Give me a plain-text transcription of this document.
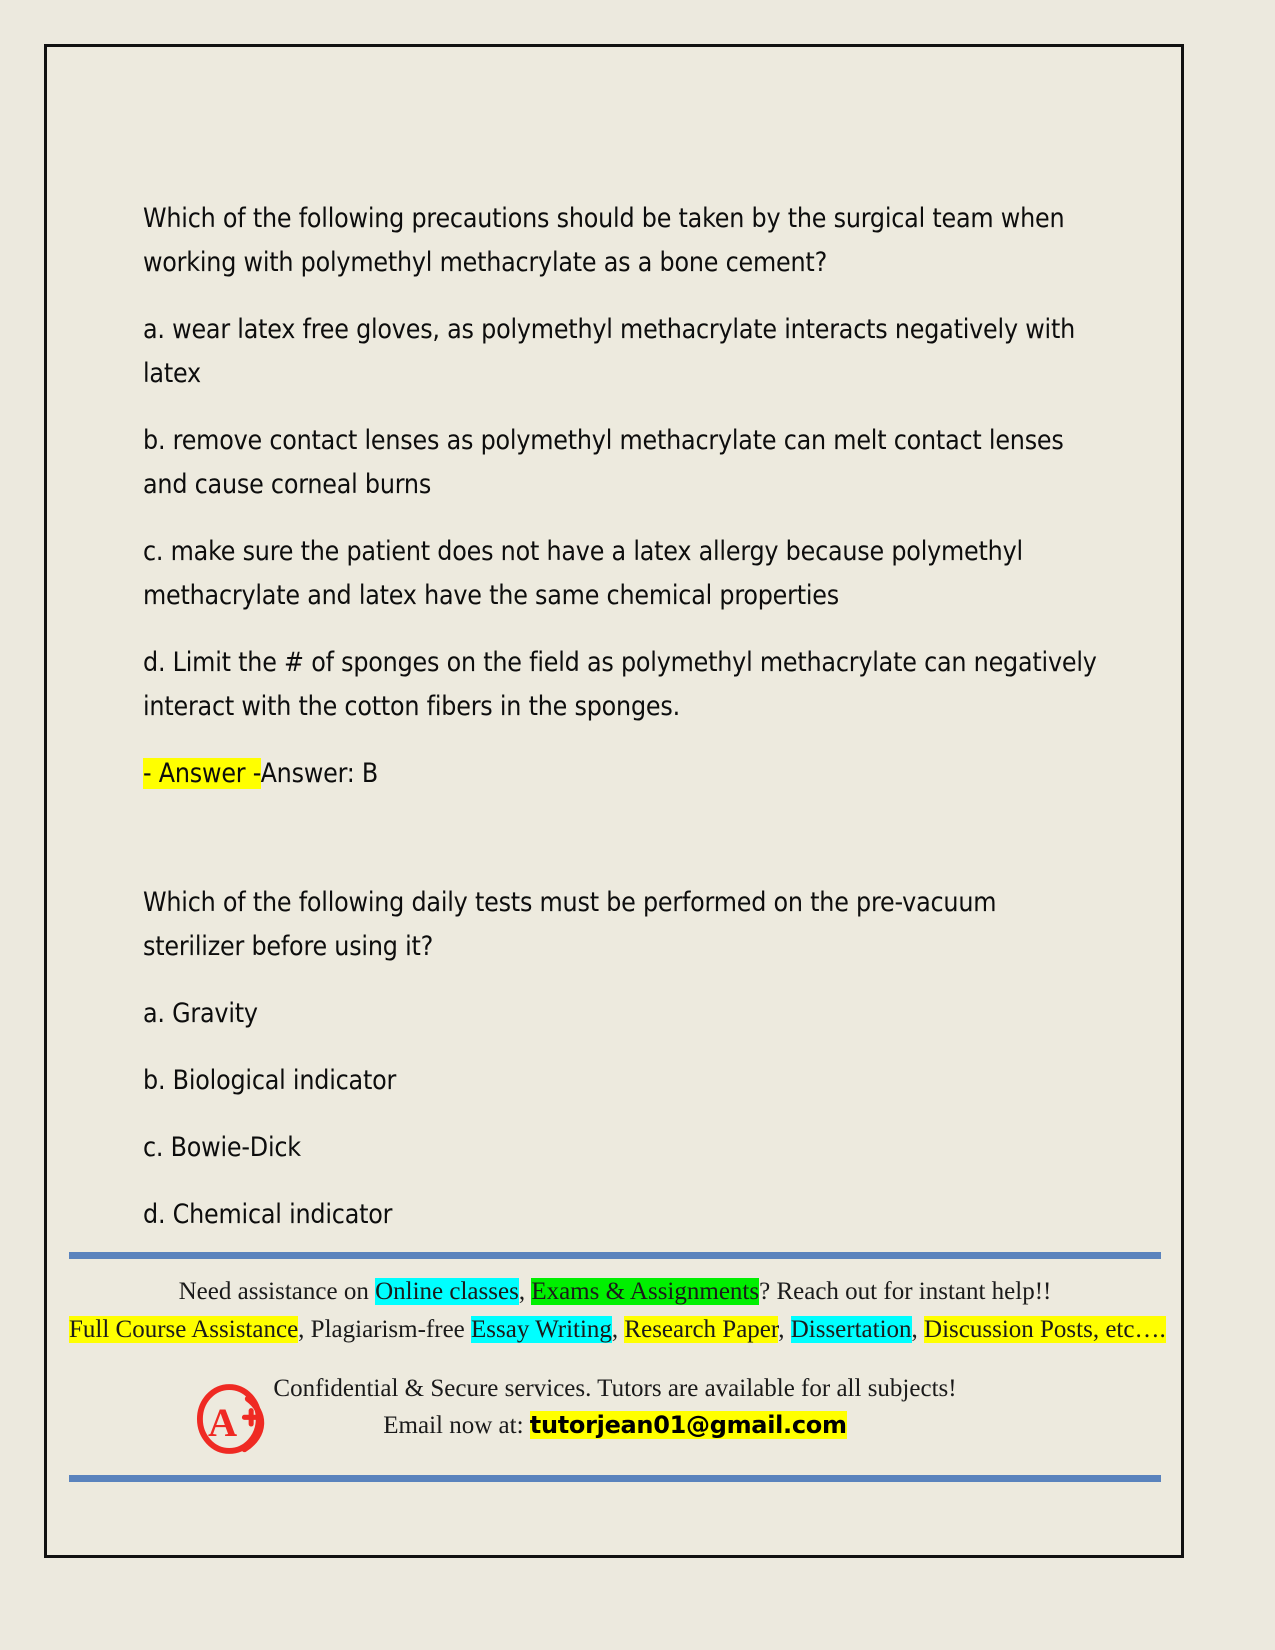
Which of the following precautions should be taken by the surgical team when working with polymethyl methacrylate as a bone cement?

a. wear latex free gloves, as polymethyl methacrylate interacts negatively with latex

b. remove contact lenses as polymethyl methacrylate can melt contact lenses and cause corneal burns

c. make sure the patient does not have a latex allergy because polymethyl methacrylate and latex have the same chemical properties

d. Limit the # of sponges on the field as polymethyl methacrylate can negatively interact with the cotton fibers in the sponges.

- Answer -Answer: B

Which of the following daily tests must be performed on the pre-vacuum sterilizer before using it?

a. Gravity

b. Biological indicator

c. Bowie-Dick

d. Chemical indicator

Need assistance on Online classes, Exams & Assignments? Reach out for instant help!!
Full Course Assistance, Plagiarism-free Essay Writing, Research Paper, Dissertation, Discussion Posts, etc….
Confidential & Secure services. Tutors are available for all subjects!
Email now at: tutorjean01@gmail.com
A
